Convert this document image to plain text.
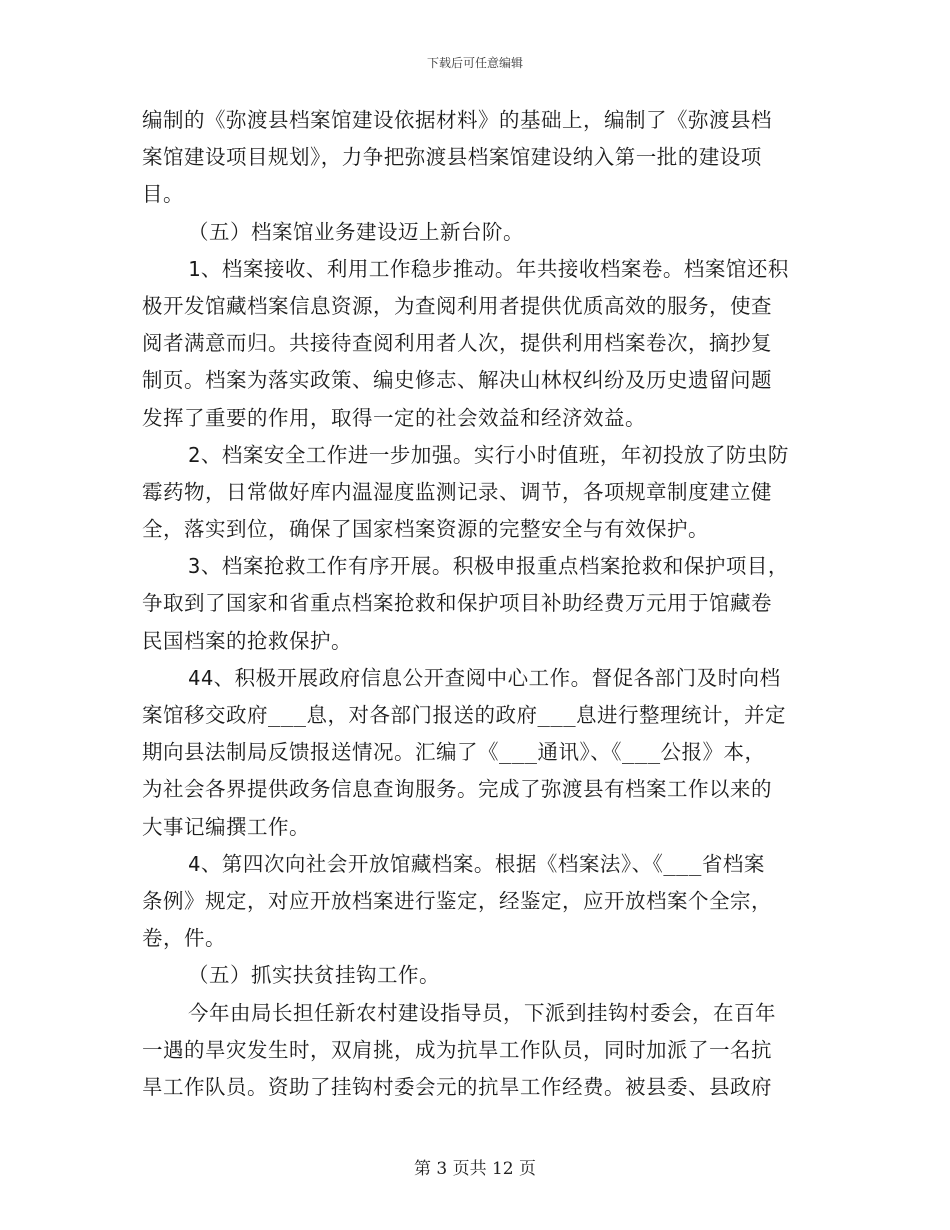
下载后可任意编辑
编制的《弥渡县档案馆建设依据材料》的基础上，编制了《弥渡县档
案馆建设项目规划》，力争把弥渡县档案馆建设纳入第一批的建设项
目。
（五）档案馆业务建设迈上新台阶。
1、档案接收、利用工作稳步推动。年共接收档案卷。档案馆还积
极开发馆藏档案信息资源，为查阅利用者提供优质高效的服务，使查
阅者满意而归。共接待查阅利用者人次，提供利用档案卷次，摘抄复
制页。档案为落实政策、编史修志、解决山林权纠纷及历史遗留问题
发挥了重要的作用，取得一定的社会效益和经济效益。
2、档案安全工作进一步加强。实行小时值班，年初投放了防虫防
霉药物，日常做好库内温湿度监测记录、调节，各项规章制度建立健
全，落实到位，确保了国家档案资源的完整安全与有效保护。
3、档案抢救工作有序开展。积极申报重点档案抢救和保护项目，
争取到了国家和省重点档案抢救和保护项目补助经费万元用于馆藏卷
民国档案的抢救保护。
44、积极开展政府信息公开查阅中心工作。督促各部门及时向档
案馆移交政府___息，对各部门报送的政府___息进行整理统计，并定
期向县法制局反馈报送情况。汇编了《___通讯》、《___公报》本，
为社会各界提供政务信息查询服务。完成了弥渡县有档案工作以来的
大事记编撰工作。
4、第四次向社会开放馆藏档案。根据《档案法》、《___省档案
条例》规定，对应开放档案进行鉴定，经鉴定，应开放档案个全宗，
卷，件。
（五）抓实扶贫挂钩工作。
今年由局长担任新农村建设指导员，下派到挂钩村委会，在百年
一遇的旱灾发生时，双肩挑，成为抗旱工作队员，同时加派了一名抗
旱工作队员。资助了挂钩村委会元的抗旱工作经费。被县委、县政府
第 3 页共 12 页
